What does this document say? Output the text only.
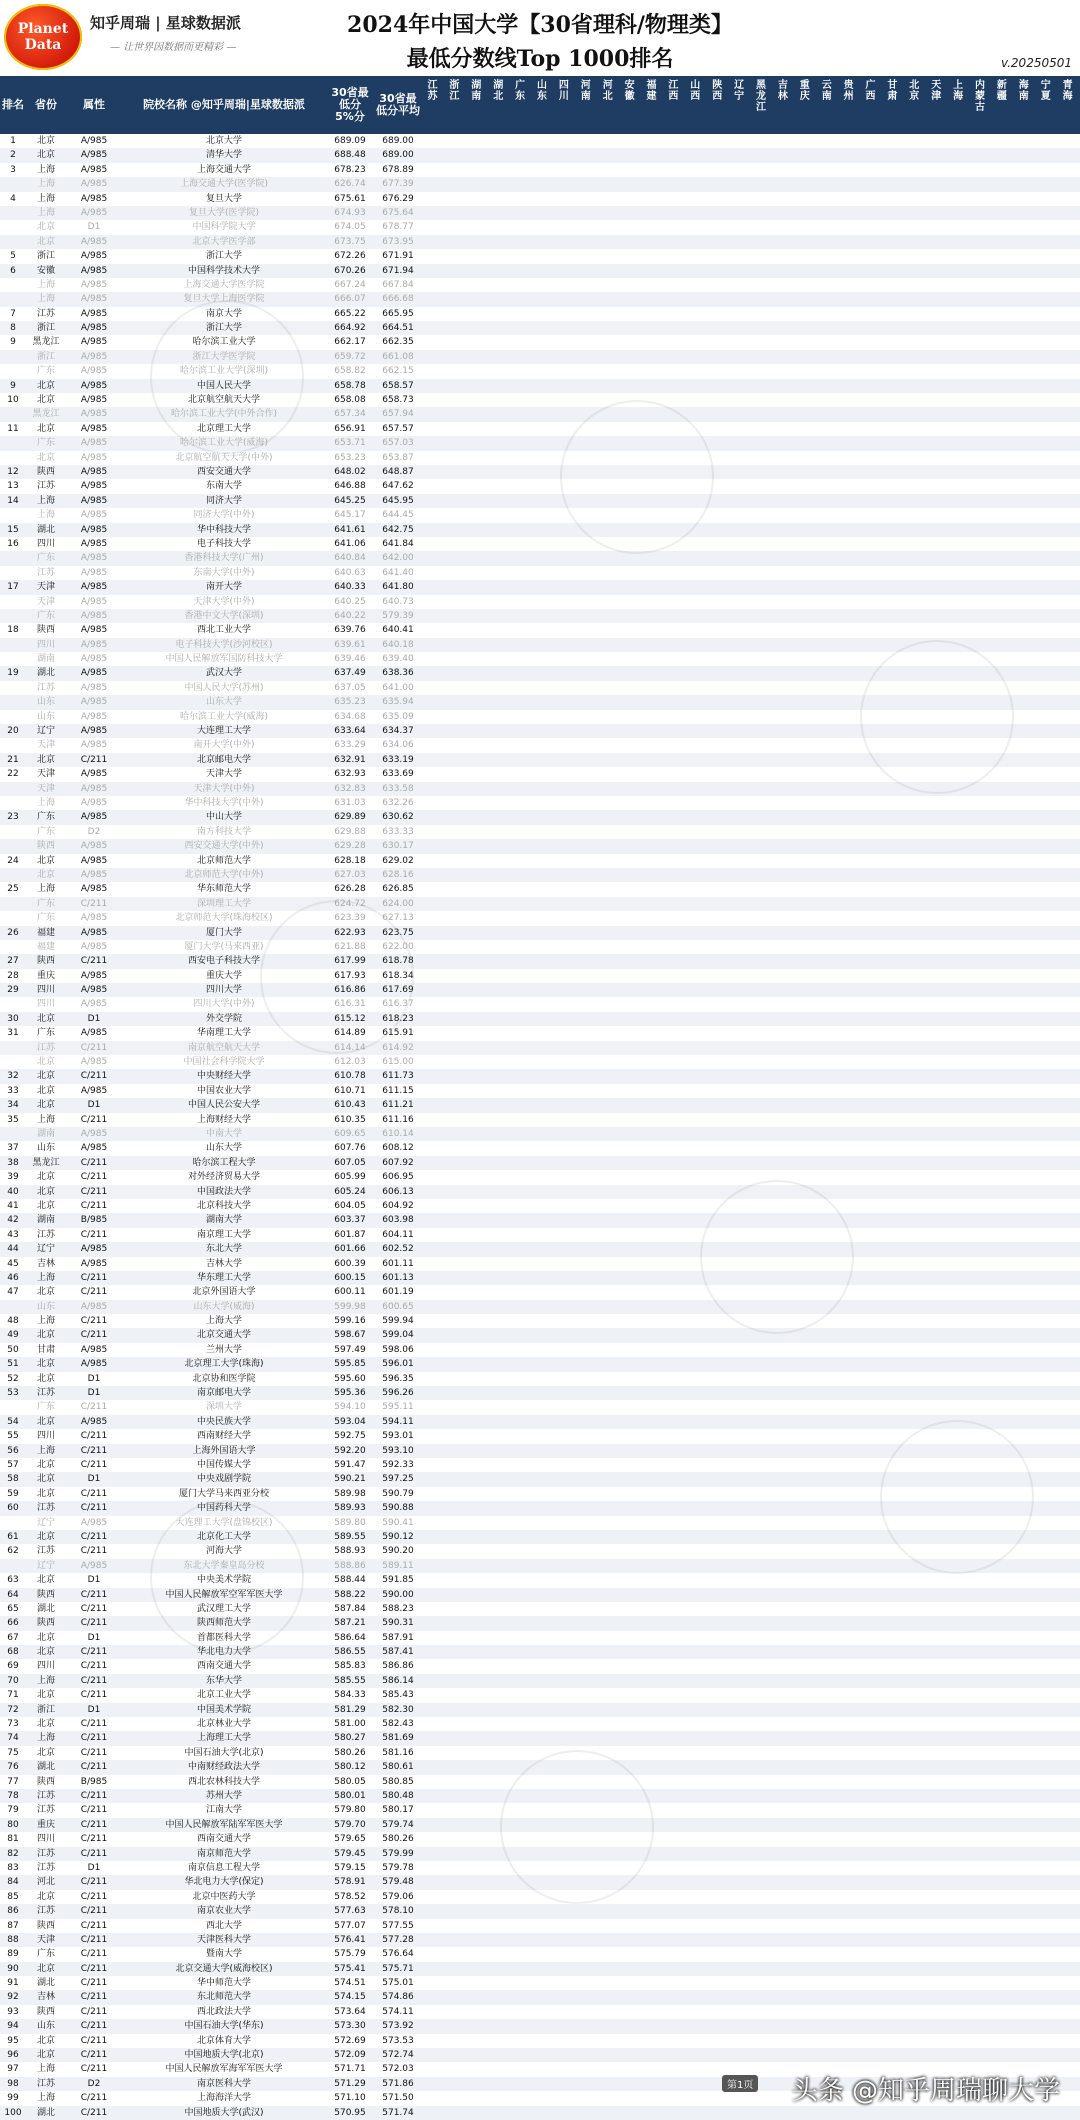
Planet
Data
知乎周瑞 | 星球数据派
— 让世界因数据而更精彩 —
2024年中国大学【30省理科/物理类】
最低分数线Top 1000排名	v.20250501
排名	省份	属性	院校名称 @知乎周瑞|星球数据派
30省最低分 5%分
30省最低分平均
江苏
浙江
湖南
湖北
广东
山东
四川
河南
河北
安徽
福建
江西
山西
陕西
辽宁
黑龙江
吉林
重庆
云南
贵州
广西
甘肃
北京
天津
上海
内蒙古
新疆
海南
宁夏
青海
1	北京	A/985	北京大学	689.09	689.00
2	北京	A/985	清华大学	688.48	689.00
3	上海	A/985	上海交通大学	678.23	678.89
上海	A/985	上海交通大学(医学院)	626.74	677.39
4	上海	A/985	复旦大学	675.61	676.29
上海	A/985	复旦大学(医学院)	674.93	675.64
北京	D1	中国科学院大学	674.05	678.77
北京	A/985	北京大学医学部	673.75	673.95
5	浙江	A/985	浙江大学	672.26	671.91
6	安徽	A/985	中国科学技术大学	670.26	671.94
上海	A/985	上海交通大学医学院	667.24	667.84
上海	A/985	复旦大学上海医学院	666.07	666.68
7	江苏	A/985	南京大学	665.22	665.95
8	浙江	A/985	浙江大学	664.92	664.51
9	黑龙江	A/985	哈尔滨工业大学	662.17	662.35
浙江	A/985	浙江大学医学院	659.72	661.08
广东	A/985	哈尔滨工业大学(深圳)	658.82	662.15
9	北京	A/985	中国人民大学	658.78	658.57
10	北京	A/985	北京航空航天大学	658.08	658.73
黑龙江	A/985	哈尔滨工业大学(中外合作)	657.34	657.94
11	北京	A/985	北京理工大学	656.91	657.57
广东	A/985	哈尔滨工业大学(威海)	653.71	657.03
北京	A/985	北京航空航天大学(中外)	653.23	653.87
12	陕西	A/985	西安交通大学	648.02	648.87
13	江苏	A/985	东南大学	646.88	647.62
14	上海	A/985	同济大学	645.25	645.95
上海	A/985	同济大学(中外)	645.17	644.45
15	湖北	A/985	华中科技大学	641.61	642.75
16	四川	A/985	电子科技大学	641.06	641.84
广东	A/985	香港科技大学(广州)	640.84	642.00
江苏	A/985	东南大学(中外)	640.63	641.40
17	天津	A/985	南开大学	640.33	641.80
天津	A/985	天津大学(中外)	640.25	640.73
广东	A/985	香港中文大学(深圳)	640.22	579.39
18	陕西	A/985	西北工业大学	639.76	640.41
四川	A/985	电子科技大学(沙河校区)	639.61	640.18
湖南	A/985	中国人民解放军国防科技大学	639.46	639.40
19	湖北	A/985	武汉大学	637.49	638.36
江苏	A/985	中国人民大学(苏州)	637.05	641.00
山东	A/985	山东大学	635.23	635.94
山东	A/985	哈尔滨工业大学(威海)	634.68	635.09
20	辽宁	A/985	大连理工大学	633.64	634.37
天津	A/985	南开大学(中外)	633.29	634.06
21	北京	C/211	北京邮电大学	632.91	633.19
22	天津	A/985	天津大学	632.93	633.69
天津	A/985	天津大学(中外)	632.83	633.58
上海	A/985	华中科技大学(中外)	631.03	632.26
23	广东	A/985	中山大学	629.89	630.62
广东	D2	南方科技大学	629.88	633.33
陕西	A/985	西安交通大学(中外)	629.28	630.17
24	北京	A/985	北京师范大学	628.18	629.02
北京	A/985	北京师范大学(中外)	627.03	628.16
25	上海	A/985	华东师范大学	626.28	626.85
广东	C/211	深圳理工大学	624.72	624.00
广东	A/985	北京师范大学(珠海校区)	623.39	627.13
26	福建	A/985	厦门大学	622.93	623.75
福建	A/985	厦门大学(马来西亚)	621.88	622.00
27	陕西	C/211	西安电子科技大学	617.99	618.78
28	重庆	A/985	重庆大学	617.93	618.34
29	四川	A/985	四川大学	616.86	617.69
四川	A/985	四川大学(中外)	616.31	616.37
30	北京	D1	外交学院	615.12	618.23
31	广东	A/985	华南理工大学	614.89	615.91
江苏	C/211	南京航空航天大学	614.14	614.92
北京	A/985	中国社会科学院大学	612.03	615.00
32	北京	C/211	中央财经大学	610.78	611.73
33	北京	A/985	中国农业大学	610.71	611.15
34	北京	D1	中国人民公安大学	610.43	611.21
35	上海	C/211	上海财经大学	610.35	611.16
湖南	A/985	中南大学	609.65	610.14
37	山东	A/985	山东大学	607.76	608.12
38	黑龙江	C/211	哈尔滨工程大学	607.05	607.92
39	北京	C/211	对外经济贸易大学	605.99	606.95
40	北京	C/211	中国政法大学	605.24	606.13
41	北京	C/211	北京科技大学	604.05	604.92
42	湖南	B/985	湖南大学	603.37	603.98
43	江苏	C/211	南京理工大学	601.87	604.11
44	辽宁	A/985	东北大学	601.66	602.52
45	吉林	A/985	吉林大学	600.39	601.11
46	上海	C/211	华东理工大学	600.15	601.13
47	北京	C/211	北京外国语大学	600.11	601.19
山东	A/985	山东大学(威海)	599.98	600.65
48	上海	C/211	上海大学	599.16	599.94
49	北京	C/211	北京交通大学	598.67	599.04
50	甘肃	A/985	兰州大学	597.49	598.06
51	北京	A/985	北京理工大学(珠海)	595.85	596.01
52	北京	D1	北京协和医学院	595.60	596.35
53	江苏	D1	南京邮电大学	595.36	596.26
广东	C/211	深圳大学	594.10	595.11
54	北京	A/985	中央民族大学	593.04	594.11
55	四川	C/211	西南财经大学	592.75	593.01
56	上海	C/211	上海外国语大学	592.20	593.10
57	北京	C/211	中国传媒大学	591.47	592.33
58	北京	D1	中央戏剧学院	590.21	597.25
59	北京	C/211	厦门大学马来西亚分校	589.98	590.79
60	江苏	C/211	中国药科大学	589.93	590.88
辽宁	A/985	大连理工大学(盘锦校区)	589.80	590.41
61	北京	C/211	北京化工大学	589.55	590.12
62	江苏	C/211	河海大学	588.93	590.20
辽宁	A/985	东北大学秦皇岛分校	588.86	589.11
63	北京	D1	中央美术学院	588.44	591.85
64	陕西	C/211	中国人民解放军空军军医大学	588.22	590.00
65	湖北	C/211	武汉理工大学	587.84	588.23
66	陕西	C/211	陕西师范大学	587.21	590.31
67	北京	D1	首都医科大学	586.64	587.91
68	北京	C/211	华北电力大学	586.55	587.41
69	四川	C/211	西南交通大学	585.83	586.86
70	上海	C/211	东华大学	585.55	586.14
71	北京	C/211	北京工业大学	584.33	585.43
72	浙江	D1	中国美术学院	581.29	582.30
73	北京	C/211	北京林业大学	581.00	582.43
74	上海	C/211	上海理工大学	580.27	581.69
75	北京	C/211	中国石油大学(北京)	580.26	581.16
76	湖北	C/211	中南财经政法大学	580.12	580.61
77	陕西	B/985	西北农林科技大学	580.05	580.85
78	江苏	C/211	苏州大学	580.01	580.48
79	江苏	C/211	江南大学	579.80	580.17
80	重庆	C/211	中国人民解放军陆军军医大学	579.70	579.74
81	四川	C/211	西南交通大学	579.65	580.26
82	江苏	C/211	南京师范大学	579.45	579.99
83	江苏	D1	南京信息工程大学	579.15	579.78
84	河北	C/211	华北电力大学(保定)	578.91	579.48
85	北京	C/211	北京中医药大学	578.52	579.06
86	江苏	C/211	南京农业大学	577.63	578.10
87	陕西	C/211	西北大学	577.07	577.55
88	天津	C/211	天津医科大学	576.41	577.28
89	广东	C/211	暨南大学	575.79	576.64
90	北京	C/211	北京交通大学(威海校区)	575.41	575.71
91	湖北	C/211	华中师范大学	574.51	575.01
92	吉林	C/211	东北师范大学	574.15	574.86
93	陕西	C/211	西北政法大学	573.64	574.11
94	山东	C/211	中国石油大学(华东)	573.30	573.92
95	北京	C/211	北京体育大学	572.69	573.53
96	北京	C/211	中国地质大学(北京)	572.09	572.74
97	上海	C/211	中国人民解放军海军军医大学	571.71	572.03
98	江苏	D2	南京医科大学	571.29	571.86
99	上海	C/211	上海海洋大学	571.10	571.50
100	湖北	C/211	中国地质大学(武汉)	570.95	571.74
头条 @知乎周瑞聊大学
第1页
